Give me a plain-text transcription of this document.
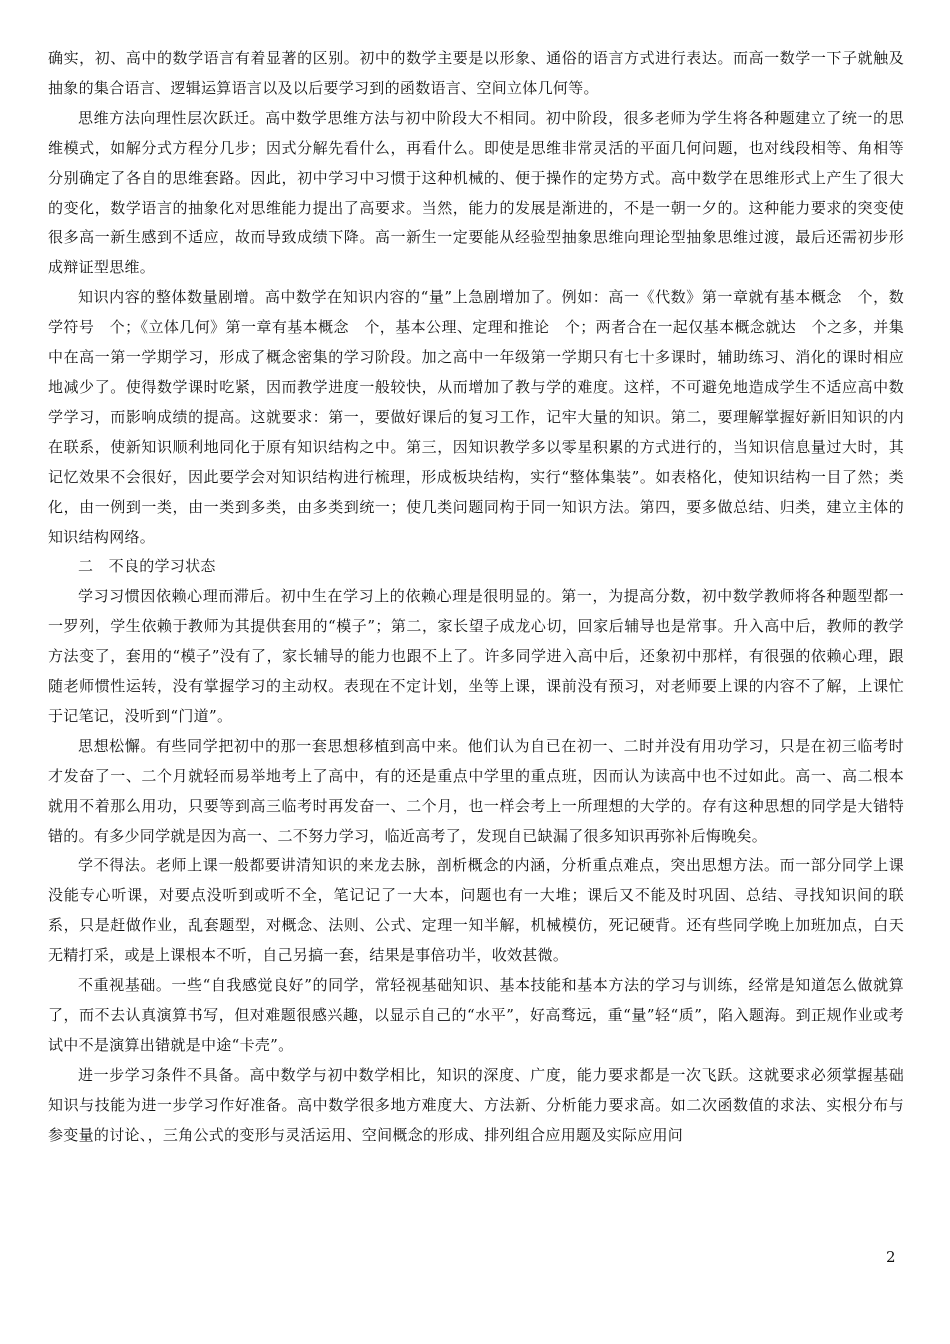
确实，初、高中的数学语言有着显著的区别。初中的数学主要是以形象、通俗的语言方式进行表达。而高一数学一下子就触及抽象的集合语言、逻辑运算语言以及以后要学习到的函数语言、空间立体几何等。

思维方法向理性层次跃迁。高中数学思维方法与初中阶段大不相同。初中阶段，很多老师为学生将各种题建立了统一的思维模式，如解分式方程分几步；因式分解先看什么，再看什么。即使是思维非常灵活的平面几何问题，也对线段相等、角相等 分别确定了各自的思维套路。因此，初中学习中习惯于这种机械的、便于操作的定势方式。高中数学在思维形式上产生了很大的变化，数学语言的抽象化对思维能力提出了高要求。当然，能力的发展是渐进的，不是一朝一夕的。这种能力要求的突变使很多高一新生感到不适应，故而导致成绩下降。高一新生一定要能从经验型抽象思维向理论型抽象思维过渡，最后还需初步形成辩证型思维。

知识内容的整体数量剧增。高中数学在知识内容的“量”上急剧增加了。例如：高一《代数》第一章就有基本概念　个，数学符号　个；《立体几何》第一章有基本概念　个，基本公理、定理和推论　个；两者合在一起仅基本概念就达　个之多，并集中在高一第一学期学习，形成了概念密集的学习阶段。加之高中一年级第一学期只有七十多课时，辅助练习、消化的课时相应地减少了。使得数学课时吃紧，因而教学进度一般较快，从而增加了教与学的难度。这样，不可避免地造成学生不适应高中数学学习，而影响成绩的提高。这就要求：第一，要做好课后的复习工作，记牢大量的知识。第二，要理解掌握好新旧知识的内在联系，使新知识顺利地同化于原有知识结构之中。第三，因知识教学多以零星积累的方式进行的，当知识信息量过大时，其记忆效果不会很好，因此要学会对知识结构进行梳理，形成板块结构，实行“整体集装”。如表格化，使知识结构一目了然；类化，由一例到一类，由一类到多类，由多类到统一；使几类问题同构于同一知识方法。第四，要多做总结、归类，建立主体的知识结构网络。

二　不良的学习状态

学习习惯因依赖心理而滞后。初中生在学习上的依赖心理是很明显的。第一，为提高分数，初中数学教师将各种题型都一一罗列，学生依赖于教师为其提供套用的“模子”；第二，家长望子成龙心切，回家后辅导也是常事。升入高中后，教师的教学方法变了，套用的“模子”没有了，家长辅导的能力也跟不上了。许多同学进入高中后，还象初中那样，有很强的依赖心理，跟随老师惯性运转，没有掌握学习的主动权。表现在不定计划，坐等上课，课前没有预习，对老师要上课的内容不了解，上课忙于记笔记，没听到“门道”。

思想松懈。有些同学把初中的那一套思想移植到高中来。他们认为自已在初一、二时并没有用功学习，只是在初三临考时才发奋了一、二个月就轻而易举地考上了高中，有的还是重点中学里的重点班，因而认为读高中也不过如此。高一、高二根本就用不着那么用功，只要等到高三临考时再发奋一、二个月，也一样会考上一所理想的大学的。存有这种思想的同学是大错特错的。有多少同学就是因为高一、二不努力学习，临近高考了，发现自已缺漏了很多知识再弥补后悔晚矣。

学不得法。老师上课一般都要讲清知识的来龙去脉，剖析概念的内涵，分析重点难点，突出思想方法。而一部分同学上课没能专心听课，对要点没听到或听不全，笔记记了一大本，问题也有一大堆；课后又不能及时巩固、总结、寻找知识间的联系，只是赶做作业，乱套题型，对概念、法则、公式、定理一知半解，机械模仿，死记硬背。还有些同学晚上加班加点，白天无精打采，或是上课根本不听，自己另搞一套，结果是事倍功半，收效甚微。

不重视基础。一些“自我感觉良好”的同学，常轻视基础知识、基本技能和基本方法的学习与训练，经常是知道怎么做就算了，而不去认真演算书写，但对难题很感兴趣，以显示自己的“水平”，好高骛远，重“量”轻“质”，陷入题海。到正规作业或考试中不是演算出错就是中途“卡壳”。

进一步学习条件不具备。高中数学与初中数学相比，知识的深度、广度，能力要求都是一次飞跃。这就要求必须掌握基础知识与技能为进一步学习作好准备。高中数学很多地方难度大、方法新、分析能力要求高。如二次函数值的求法、实根分布与参变量的讨论、，三角公式的变形与灵活运用、空间概念的形成、排列组合应用题及实际应用问

2
